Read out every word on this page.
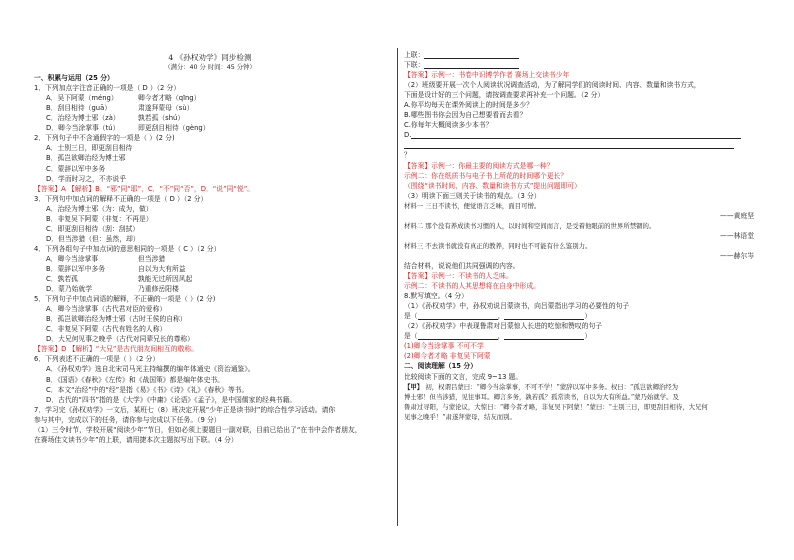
4 《孙权劝学》同步检测
（满分：40 分 时间：45 分钟）
一、积累与运用（25 分）
1．下列加点字注音正确的一项是（ D ）（2 分）
A．吴下阿蒙（méng）	卿今者才略（qīng）
B．刮目相待（guā）	肃遂拜蒙母（sù）
C．治经为博士邪（zà）	孰若孤（shú）
D．卿今当涂掌事（tú）	即更刮目相待（gèng）
2．下列句子中不含通假字的一项是（ ）(2 分)
A．士别三日，即更刮目相待
B．孤岂欲卿治经为博士邪
C．蒙辞以军中多务
D．学而时习之，不亦说乎
【答案】A 【解析】B．“邪”同“耶”，C．“不”同“否”，D．“说”同“悦”。
3．下列句中加点词的解释不正确的一项是（ D ）（2 分）
A．治经为博士邪（为：成为，做）
B．非复吴下阿蒙（非复：不再是）
C．即更刮目相待（刮：刮拭）
D．但当涉猎（但：虽然，却）
4．下列各组句子中加点词的意思相同的一项是（ C ）（2 分）
A．卿今当涂掌事	但当涉猎
B．蒙辞以军中多务	自以为大有所益
C．孰若孤	孰能无过所因风起
D．蒙乃始就学	乃重修岳阳楼
5．下列句子中加点词语的解释，不正确的一项是（ ）(2 分)
A．卿今当涂掌事（古代君对臣的爱称）
B．孤岂欲卿治经为博士邪（古时王侯的自称）
C．非复吴下阿蒙（古代有姓名的人称）
D．大兄何见事之晚乎（古代对同辈兄长的尊称）
【答案】D 【解析】“大兄”是古代朋友间相互的敬称。
6．下列表述不正确的一项是（ ）（2 分）
A．《孙权劝学》选自北宋司马光主持编撰的编年体通史《资治通鉴》。
B．《国语》《春秋》《左传》和《战国策》都是编年体史书。
C．本文“治经”中的“经”是指《易》《书》《诗》《礼》《春秋》等书。
D．古代的“四书”指的是《大学》《中庸》《论语》《孟子》，是中国儒家的经典书籍。
7．学习完《孙权劝学》一文后，某班七（8）班决定开展“少年正是读书时”的综合性学习活动。请你
参与其中，完成以下的任务，请你参与完成以下任务。（9 分）
（1）三令时节，学校开展“阅读少年”节日，但如必须上要题目一副对联，目前已给出了“在书中会作者朋友，
在赛场佳文读书少年”的上联，请用捷本次主题拟写出下联。（4 分）
上联：
下联：
【答案】示例一：书卷中识博学作者 赛场上交读书少年
（2）班级要开展一次个人阅读状况调查活动，为了解同学们的阅读时间、内容、数量和读书方式，
下面是设计好的三个问题，请按调查要求再补充一个问题。（2 分）
A.你平均每天在课外阅读上的时间是多少？
B.哪些图书你会因为自己想要看而去看？
C.你每年大概阅读多少本书？
D.
？
【答案】示例一：你最主要的阅读方式是哪一种？
示例二：你在纸质书与电子书上所花的时间哪个更长？
（围绕“读书时间、内容、数量和读书方式”提出问题即可）
（3）明读下面三则关于读书的观点。（3 分）
材料一 三日不读书，便觉语言乏味，面目可憎。
——黄庭坚
材料二 那个没有养成读书习惯的人，以时间和空间而言，是受着他眼前的世界所禁锢的。
——林语堂
材料三 不去读书就没有真正的教养，同时也不可能有什么鉴别力。
——赫尔岑
结合材料，说说他们共同强调的内容。
【答案】示例一：不读书的人乏味。
示例二：不读书的人其思想将在自身中形成。
8.默写填空。（4 分）
（1）《孙权劝学》中，孙权劝说吕蒙读书，向吕蒙指出学习的必要性的句子
是（	，	）
（2）《孙权劝学》中表现鲁肃对吕蒙惊人长进的吃惊和赞叹的句子
是（	，	）
(1)卿今当涂掌事 不可不学
(2)卿今者才略 非复吴下阿蒙
二、阅读理解（15 分）
比较阅读下面的文言，完成 9~13 题。
【甲】 初，权谓吕蒙曰：“卿今当涂掌事，不可不学！”蒙辞以军中多务。权曰：“孤岂欲卿治经为
博士邪！但当涉猎，见往事耳。卿言多务，孰若孤？孤常读书，自以为大有所益。”蒙乃始就学。及
鲁肃过寻阳，与蒙论议，大惊曰：“卿今者才略，非复吴下阿蒙！”蒙曰：“士别三日，即更刮目相待，大兄何
见事之晚乎！”肃遂拜蒙母，结友而别。
